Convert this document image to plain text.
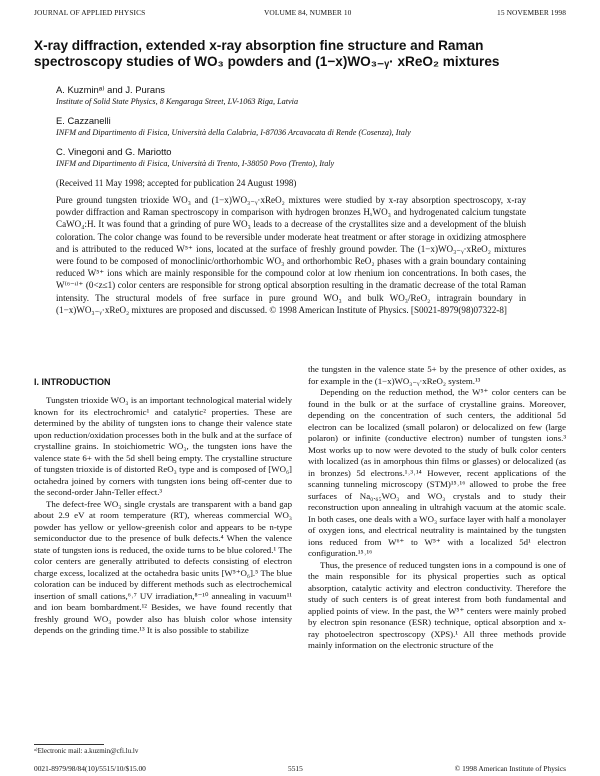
JOURNAL OF APPLIED PHYSICS	VOLUME 84, NUMBER 10	15 NOVEMBER 1998
X-ray diffraction, extended x-ray absorption fine structure and Raman
spectroscopy studies of WO₃ powders and (1−x)WO₃₋ᵧ· xReO₂ mixtures
A. Kuzminᵃ⁾ and J. Purans
Institute of Solid State Physics, 8 Kengaraga Street, LV-1063 Riga, Latvia
E. Cazzanelli
INFM and Dipartimento di Fisica, Università della Calabria, I-87036 Arcavacata di Rende (Cosenza), Italy
C. Vinegoni and G. Mariotto
INFM and Dipartimento di Fisica, Università di Trento, I-38050 Povo (Trento), Italy
(Received 11 May 1998; accepted for publication 24 August 1998)
Pure ground tungsten trioxide WO₃ and (1−x)WO₃₋ᵧ·xReO₂ mixtures were studied by x-ray absorption spectroscopy, x-ray powder diffraction and Raman spectroscopy in comparison with hydrogen bronzes HₓWO₃ and hydrogenated calcium tungstate CaWO₄:H. It was found that a grinding of pure WO₃ leads to a decrease of the crystallites size and a development of the bluish coloration. The color change was found to be reversible under moderate heat treatment or after storage in oxidizing atmosphere and is attributed to the reduced W⁵⁺ ions, located at the surface of freshly ground powder. The (1−x)WO₃₋ᵧ·xReO₂ mixtures were found to be composed of monoclinic/orthorhombic WO₃ and orthorhombic ReO₂ phases with a grain boundary containing reduced W⁵⁺ ions which are mainly responsible for the compound color at low rhenium ion concentrations. In both cases, the W⁽⁶⁻ᶤ⁾⁺ (0<z≤1) color centers are responsible for strong optical absorption resulting in the dramatic decrease of the total Raman intensity. The structural models of free surface in pure ground WO₃ and bulk WO₃/ReO₂ intragrain boundary in (1−x)WO₃₋ᵧ·xReO₂ mixtures are proposed and discussed. © 1998 American Institute of Physics. [S0021-8979(98)07322-8]
I. INTRODUCTION

Tungsten trioxide WO₃ is an important technological material widely known for its electrochromic¹ and catalytic² properties. These are determined by the ability of tungsten ions to change their valence state upon reduction/oxidation processes both in the bulk and at the surface of crystalline grains. In stoichiometric WO₃, the tungsten ions have the valence state 6+ with the 5d shell being empty. The crystalline structure of tungsten trioxide is of distorted ReO₃ type and is composed of [WO₆] octahedra joined by corners with tungsten ions being off-center due to the second-order Jahn-Teller effect.³

The defect-free WO₃ single crystals are transparent with a band gap about 2.9 eV at room temperature (RT), whereas commercial WO₃ powder has yellow or yellow-greenish color and appears to be n-type semiconductor due to the presence of bulk defects.⁴ When the valence state of tungsten ions is reduced, the oxide turns to be blue colored.¹ The color centers are generally attributed to defects consisting of electron charge excess, localized at the octahedra basic units [W⁵⁺O₆].⁵ The blue coloration can be induced by different methods such as electrochemical insertion of small cations,⁶˒⁷ UV irradiation,⁸⁻¹⁰ annealing in vacuum¹¹ and ion beam bombardment.¹² Besides, we have found recently that freshly ground WO₃ powder also has bluish color whose intensity depends on the grinding time.¹³ It is also possible to stabilize

the tungsten in the valence state 5+ by the presence of other oxides, as for example in the (1−x)WO₃₋ᵧ·xReO₂ system.¹³

Depending on the reduction method, the W⁵⁺ color centers can be found in the bulk or at the surface of crystalline grains. Moreover, depending on the concentration of such centers, the additional 5d electron can be localized (small polaron) or delocalized on few (large polaron) or infinite (conductive electron) number of tungsten ions.³ Most works up to now were devoted to the study of bulk color centers with localized (as in amorphous thin films or glasses) or delocalized (as in bronzes) 5d electrons.¹˒³˒¹⁴ However, recent applications of the scanning tunneling microscopy (STM)¹⁵˒¹⁶ allowed to probe the free surfaces of Na₀.₆₅WO₃ and WO₃ crystals and to study their reconstruction upon annealing in ultrahigh vacuum at the atomic scale. In both cases, one deals with a WO₃ surface layer with half a monolayer of oxygen ions, and electrical neutrality is maintained by the tungsten ions reduced from W⁶⁺ to W⁵⁺ with a localized 5d¹ electron configuration.¹⁵˒¹⁶

Thus, the presence of reduced tungsten ions in a compound is one of the main responsible for its physical properties such as optical absorption, catalytic activity and electron conductivity. Therefore the study of such centers is of great interest from both fundamental and applied points of view. In the past, the W⁵⁺ centers were mainly probed by electron spin resonance (ESR) technique, optical absorption and x-ray photoelectron spectroscopy (XPS).¹ All three methods provide mainly information on the electronic structure of the

ᵃ⁾Electronic mail: a.kuzmin@cfi.lu.lv
0021-8979/98/84(10)/5515/10/$15.00	5515	© 1998 American Institute of Physics
